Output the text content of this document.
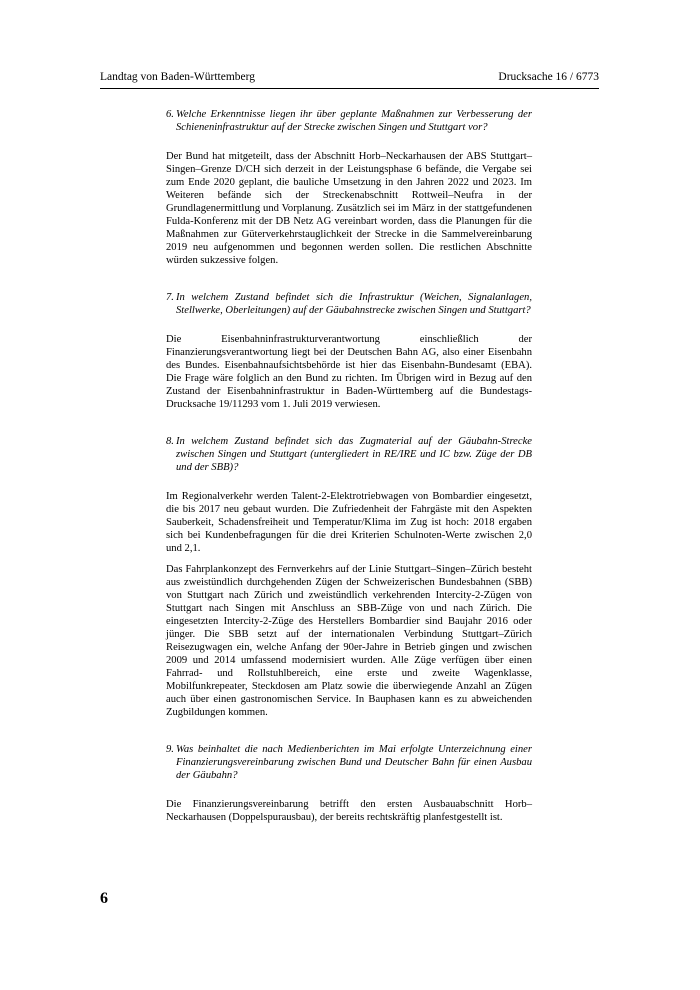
Landtag von Baden-Württemberg	Drucksache 16 / 6773
6. Welche Erkenntnisse liegen ihr über geplante Maßnahmen zur Verbesserung der Schieneninfrastruktur auf der Strecke zwischen Singen und Stuttgart vor?

Der Bund hat mitgeteilt, dass der Abschnitt Horb–Neckarhausen der ABS Stuttgart–Singen–Grenze D/CH sich derzeit in der Leistungsphase 6 befände, die Vergabe sei zum Ende 2020 geplant, die bauliche Umsetzung in den Jahren 2022 und 2023. Im Weiteren befände sich der Streckenabschnitt Rottweil–Neufra in der Grundlagenermittlung und Vorplanung. Zusätzlich sei im März in der stattgefundenen Fulda-Konferenz mit der DB Netz AG vereinbart worden, dass die Planungen für die Maßnahmen zur Güterverkehrstauglichkeit der Strecke in die Sammelvereinbarung 2019 neu aufgenommen und begonnen werden sollen. Die restlichen Abschnitte würden sukzessive folgen.

7. In welchem Zustand befindet sich die Infrastruktur (Weichen, Signalanlagen, Stellwerke, Oberleitungen) auf der Gäubahnstrecke zwischen Singen und Stuttgart?

Die Eisenbahninfrastrukturverantwortung einschließlich der Finanzierungsverantwortung liegt bei der Deutschen Bahn AG, also einer Eisenbahn des Bundes. Eisenbahnaufsichtsbehörde ist hier das Eisenbahn-Bundesamt (EBA). Die Frage wäre folglich an den Bund zu richten. Im Übrigen wird in Bezug auf den Zustand der Eisenbahninfrastruktur in Baden-Württemberg auf die Bundestags-Drucksache 19/11293 vom 1. Juli 2019 verwiesen.

8. In welchem Zustand befindet sich das Zugmaterial auf der Gäubahn-Strecke zwischen Singen und Stuttgart (untergliedert in RE/IRE und IC bzw. Züge der DB und der SBB)?

Im Regionalverkehr werden Talent-2-Elektrotriebwagen von Bombardier eingesetzt, die bis 2017 neu gebaut wurden. Die Zufriedenheit der Fahrgäste mit den Aspekten Sauberkeit, Schadensfreiheit und Temperatur/Klima im Zug ist hoch: 2018 ergaben sich bei Kundenbefragungen für die drei Kriterien Schulnoten-Werte zwischen 2,0 und 2,1.

Das Fahrplankonzept des Fernverkehrs auf der Linie Stuttgart–Singen–Zürich besteht aus zweistündlich durchgehenden Zügen der Schweizerischen Bundesbahnen (SBB) von Stuttgart nach Zürich und zweistündlich verkehrenden Intercity-2-Zügen von Stuttgart nach Singen mit Anschluss an SBB-Züge von und nach Zürich. Die eingesetzten Intercity-2-Züge des Herstellers Bombardier sind Baujahr 2016 oder jünger. Die SBB setzt auf der internationalen Verbindung Stuttgart–Zürich Reisezugwagen ein, welche Anfang der 90er-Jahre in Betrieb gingen und zwischen 2009 und 2014 umfassend modernisiert wurden. Alle Züge verfügen über einen Fahrrad- und Rollstuhlbereich, eine erste und zweite Wagenklasse, Mobilfunkrepeater, Steckdosen am Platz sowie die überwiegende Anzahl an Zügen auch über einen gastronomischen Service. In Bauphasen kann es zu abweichenden Zugbildungen kommen.

9. Was beinhaltet die nach Medienberichten im Mai erfolgte Unterzeichnung einer Finanzierungsvereinbarung zwischen Bund und Deutscher Bahn für einen Ausbau der Gäubahn?

Die Finanzierungsvereinbarung betrifft den ersten Ausbauabschnitt Horb–Neckarhausen (Doppelspurausbau), der bereits rechtskräftig planfestgestellt ist.

6
